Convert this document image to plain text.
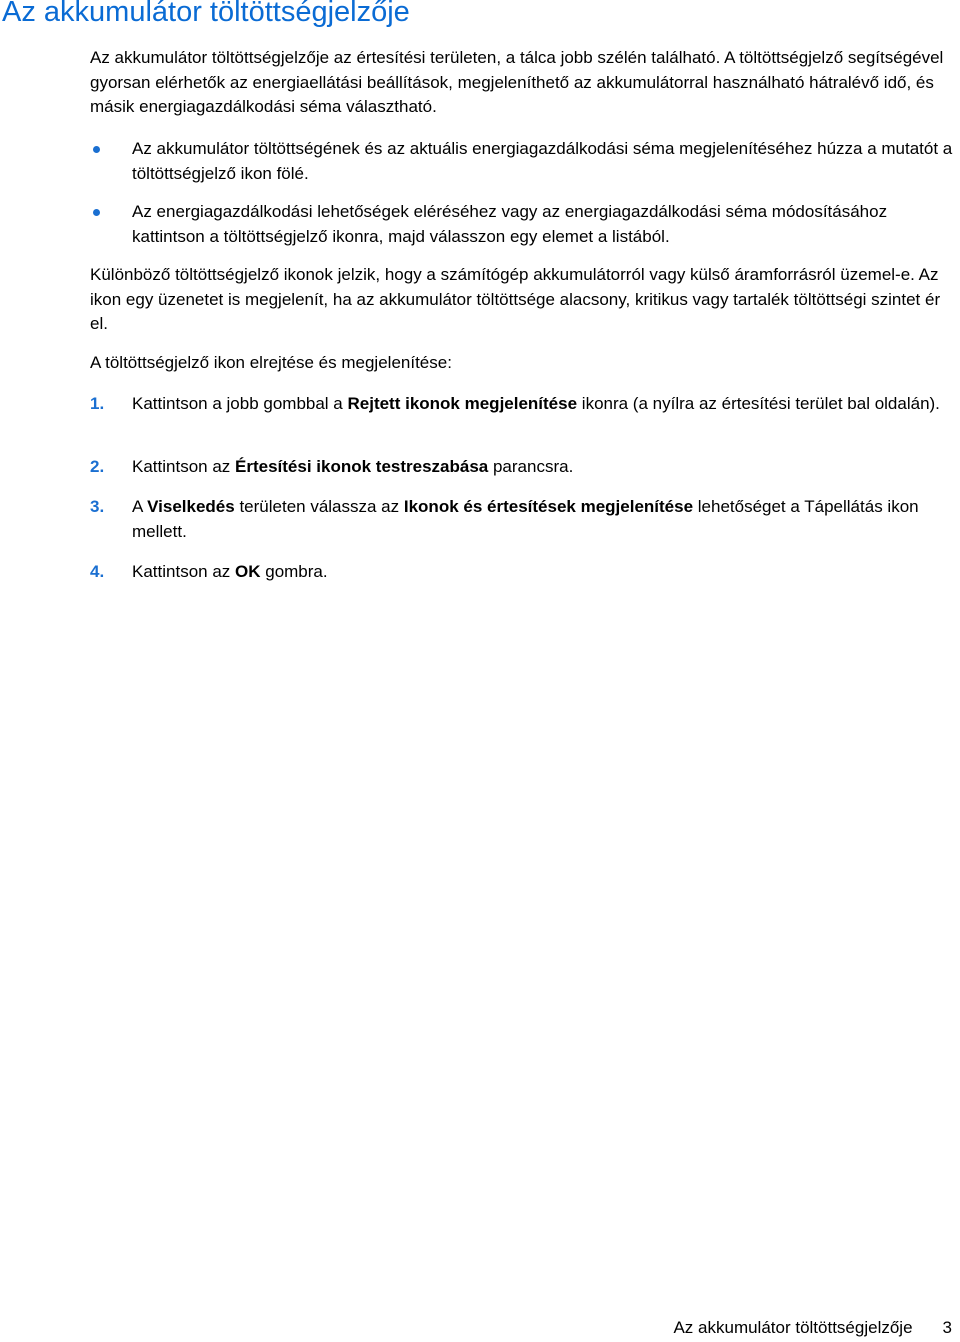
Az akkumulátor töltöttségjelzője

Az akkumulátor töltöttségjelzője az értesítési területen, a tálca jobb szélén található. A töltöttségjelző segítségével gyorsan elérhetők az energiaellátási beállítások, megjeleníthető az akkumulátorral használható hátralévő idő, és másik energiagazdálkodási séma választható.

Az akkumulátor töltöttségének és az aktuális energiagazdálkodási séma megjelenítéséhez húzza a mutatót a töltöttségjelző ikon fölé.

Az energiagazdálkodási lehetőségek eléréséhez vagy az energiagazdálkodási séma módosításához kattintson a töltöttségjelző ikonra, majd válasszon egy elemet a listából.

Különböző töltöttségjelző ikonok jelzik, hogy a számítógép akkumulátorról vagy külső áramforrásról üzemel-e. Az ikon egy üzenetet is megjelenít, ha az akkumulátor töltöttsége alacsony, kritikus vagy tartalék töltöttségi szintet ér el.

A töltöttségjelző ikon elrejtése és megjelenítése:

1. Kattintson a jobb gombbal a Rejtett ikonok megjelenítése ikonra (a nyílra az értesítési terület bal oldalán).

2. Kattintson az Értesítési ikonok testreszabása parancsra.

3. A Viselkedés területen válassza az Ikonok és értesítések megjelenítése lehetőséget a Tápellátás ikon mellett.

4. Kattintson az OK gombra.

Az akkumulátor töltöttségjelzője 3
